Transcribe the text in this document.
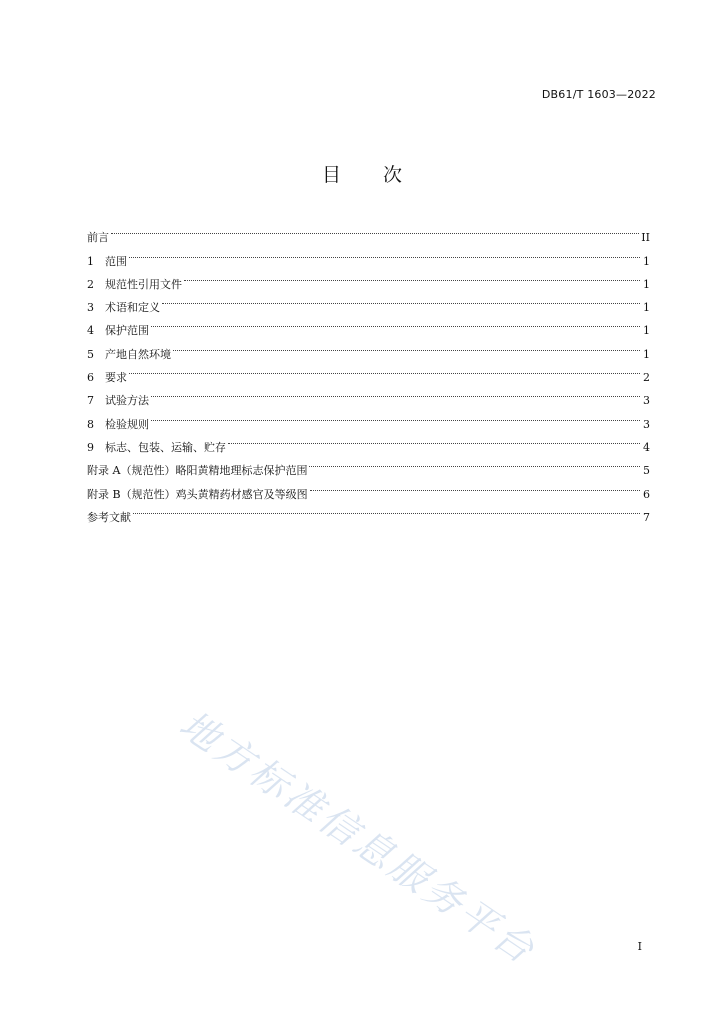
DB61/T 1603—2022
目 次
前言	II
1	范围	1
2	规范性引用文件	1
3	术语和定义	1
4	保护范围	1
5	产地自然环境	1
6	要求	2
7	试验方法	3
8	检验规则	3
9	标志、包装、运输、贮存	4
附录 A（规范性）略阳黄精地理标志保护范围	5
附录 B（规范性）鸡头黄精药材感官及等级图	6
参考文献	7
地方标准信息服务平台	I
